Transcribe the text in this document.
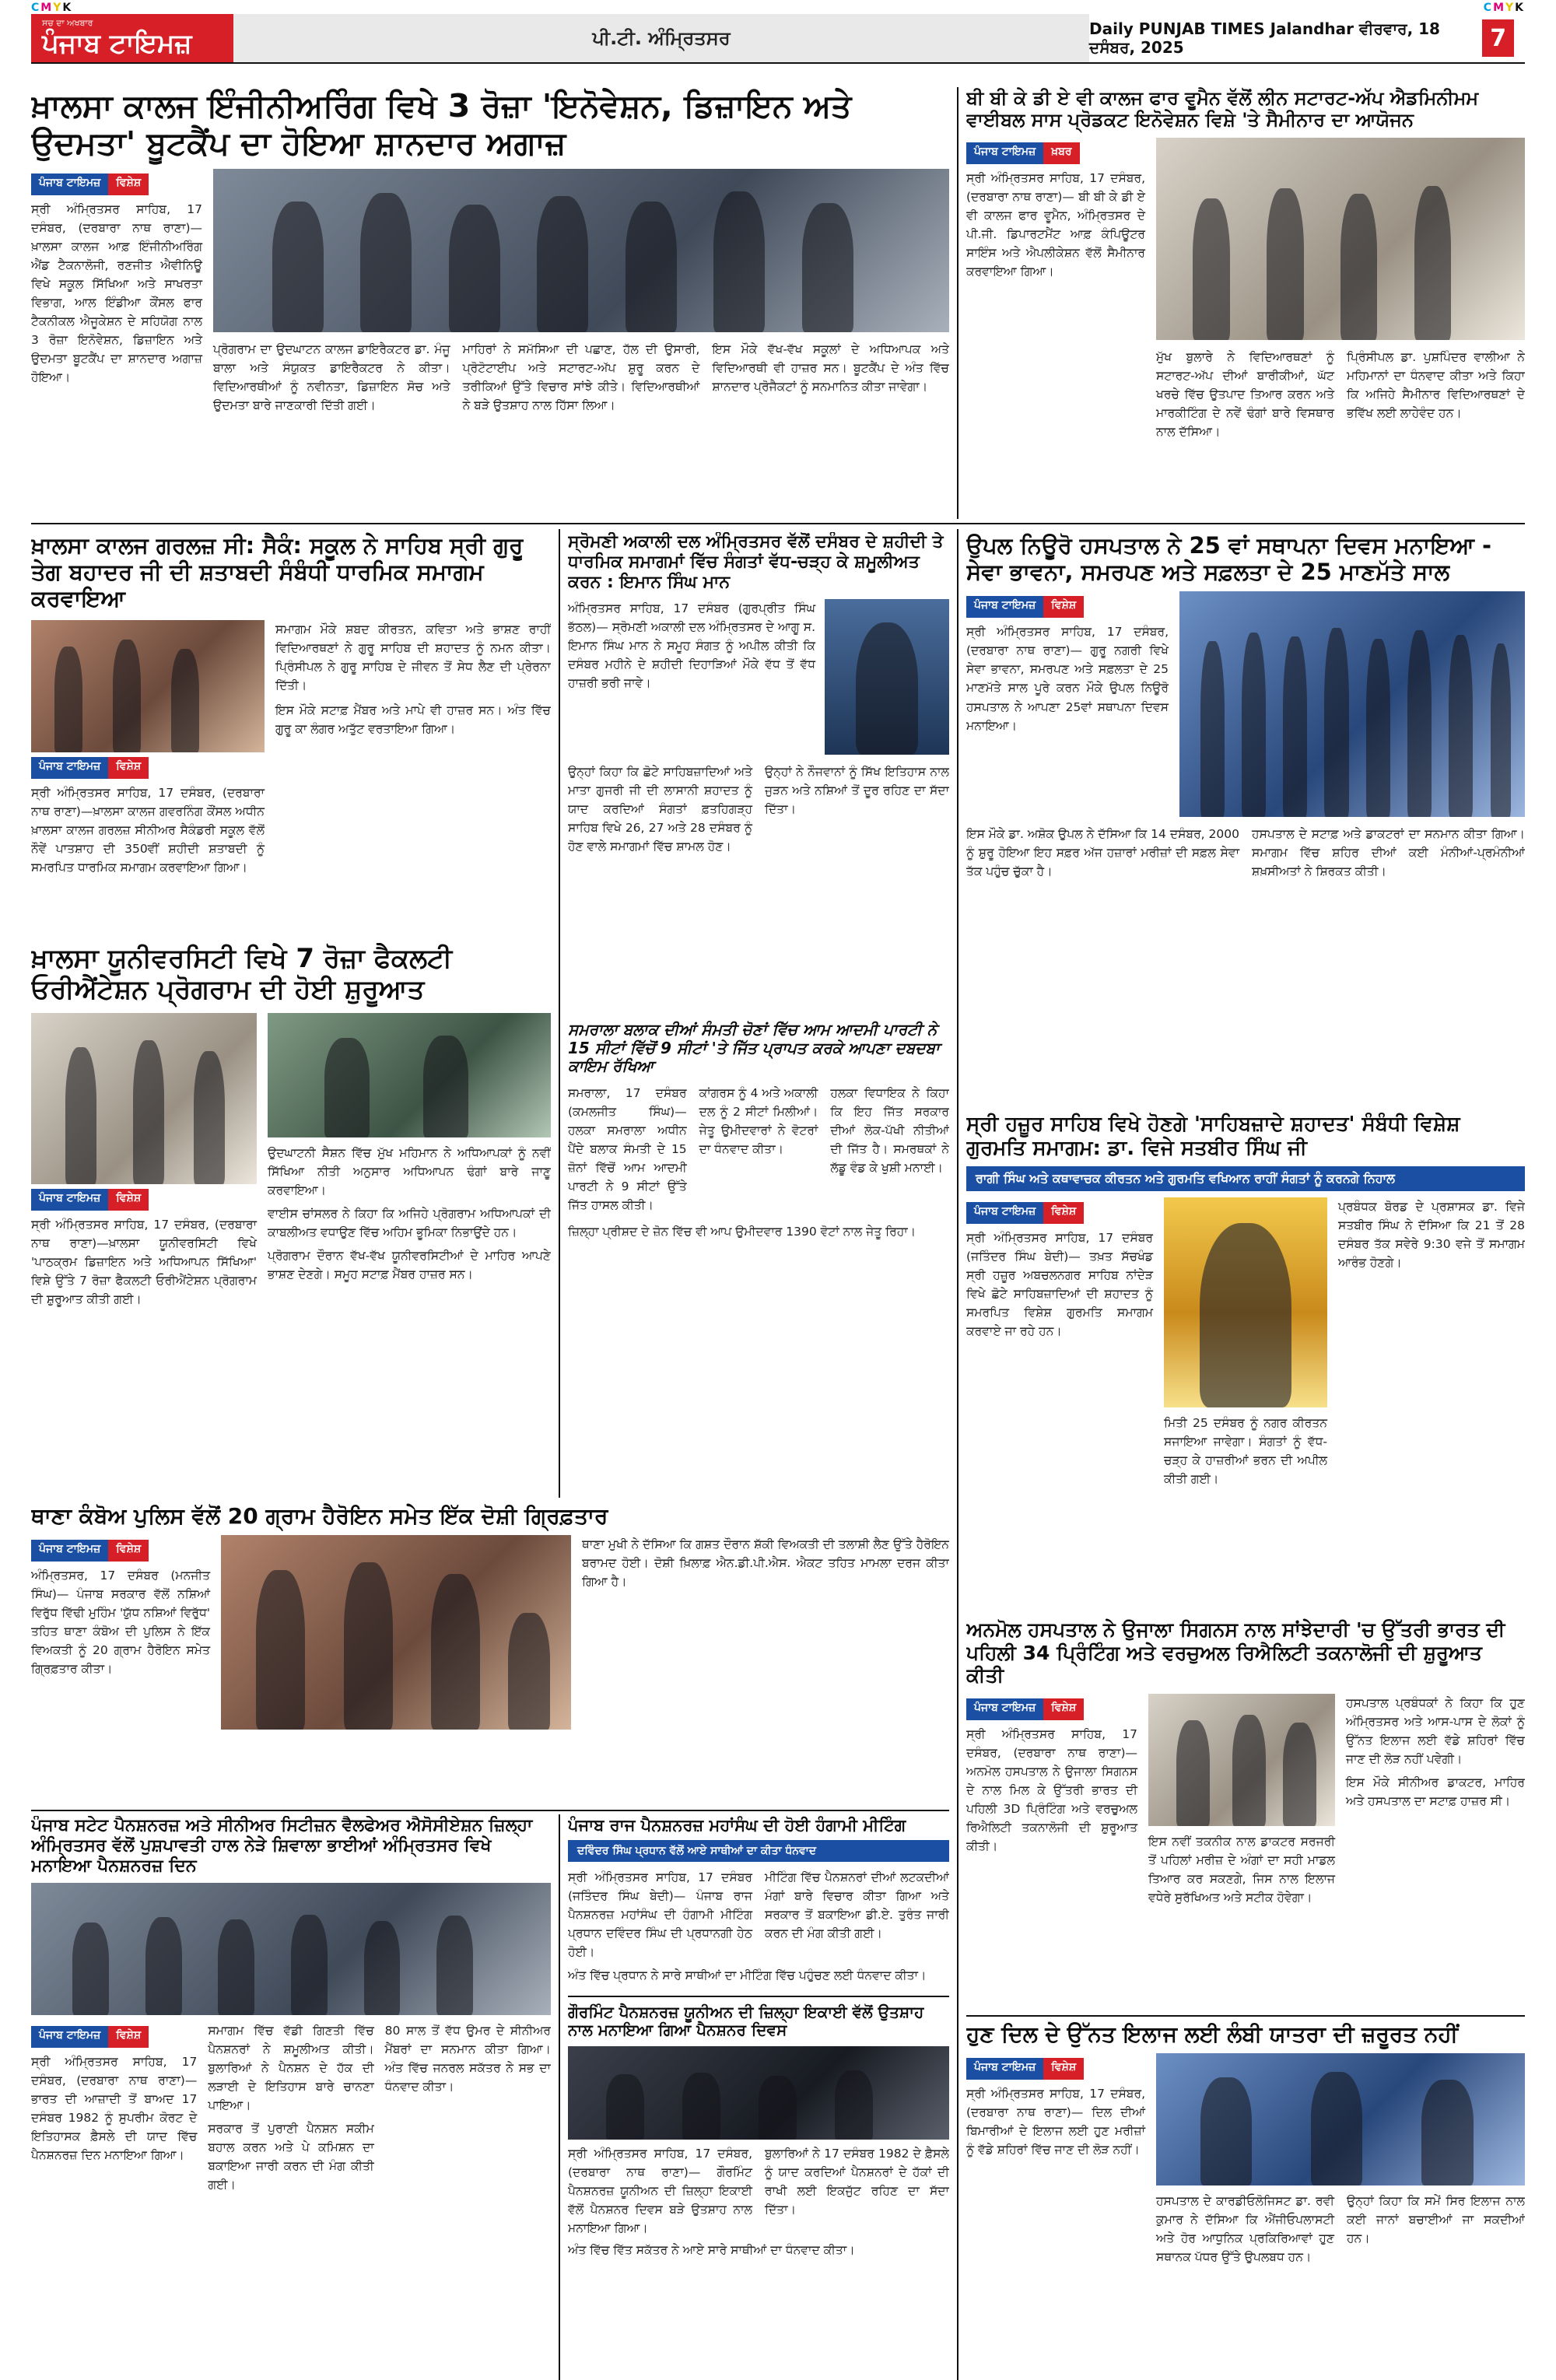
CMYK	CMYK
ਸਚ ਦਾ ਅਖਬਾਰ
ਪੰਜਾਬ ਟਾਇਮਜ਼	ਪੀ.ਟੀ. ਅੰਮ੍ਰਿਤਸਰ	Daily PUNJAB TIMES Jalandhar ਵੀਰਵਾਰ, 18 ਦਸੰਬਰ, 2025	7
ਖ਼ਾਲਸਾ ਕਾਲਜ ਇੰਜੀਨੀਅਰਿੰਗ ਵਿਖੇ 3 ਰੋਜ਼ਾ 'ਇਨੋਵੇਸ਼ਨ, ਡਿਜ਼ਾਇਨ ਅਤੇ ਉਦਮਤਾ' ਬੂਟਕੈਂਪ ਦਾ ਹੋਇਆ ਸ਼ਾਨਦਾਰ ਅਗਾਜ਼
ਪੰਜਾਬ ਟਾਇਮਜ਼	ਵਿਸ਼ੇਸ਼
ਸ੍ਰੀ ਅੰਮ੍ਰਿਤਸਰ ਸਾਹਿਬ, 17 ਦਸੰਬਰ, (ਦਰਬਾਰਾ ਨਾਥ ਰਾਣਾ)—ਖ਼ਾਲਸਾ ਕਾਲਜ ਆਫ਼ ਇੰਜੀਨੀਅਰਿੰਗ ਐਂਡ ਟੈਕਨਾਲੋਜੀ, ਰਣਜੀਤ ਐਵੀਨਿਊ ਵਿਖੇ ਸਕੂਲ ਸਿੱਖਿਆ ਅਤੇ ਸਾਖਰਤਾ ਵਿਭਾਗ, ਆਲ ਇੰਡੀਆ ਕੌਂਸਲ ਫਾਰ ਟੈਕਨੀਕਲ ਐਜੂਕੇਸ਼ਨ ਦੇ ਸਹਿਯੋਗ ਨਾਲ 3 ਰੋਜ਼ਾ ਇਨੋਵੇਸ਼ਨ, ਡਿਜ਼ਾਇਨ ਅਤੇ ਉਦਮਤਾ ਬੂਟਕੈਂਪ ਦਾ ਸ਼ਾਨਦਾਰ ਅਗਾਜ਼ ਹੋਇਆ।
ਪ੍ਰੋਗਰਾਮ ਦਾ ਉਦਘਾਟਨ ਕਾਲਜ ਡਾਇਰੈਕਟਰ ਡਾ. ਮੰਜੂ ਬਾਲਾ ਅਤੇ ਸੰਯੁਕਤ ਡਾਇਰੈਕਟਰ ਨੇ ਕੀਤਾ। ਵਿਦਿਆਰਥੀਆਂ ਨੂੰ ਨਵੀਨਤਾ, ਡਿਜ਼ਾਇਨ ਸੋਚ ਅਤੇ ਉਦਮਤਾ ਬਾਰੇ ਜਾਣਕਾਰੀ ਦਿੱਤੀ ਗਈ।
ਮਾਹਿਰਾਂ ਨੇ ਸਮੱਸਿਆ ਦੀ ਪਛਾਣ, ਹੱਲ ਦੀ ਉਸਾਰੀ, ਪ੍ਰੋਟੋਟਾਈਪ ਅਤੇ ਸਟਾਰਟ-ਅੱਪ ਸ਼ੁਰੂ ਕਰਨ ਦੇ ਤਰੀਕਿਆਂ ਉੱਤੇ ਵਿਚਾਰ ਸਾਂਝੇ ਕੀਤੇ। ਵਿਦਿਆਰਥੀਆਂ ਨੇ ਬੜੇ ਉਤਸ਼ਾਹ ਨਾਲ ਹਿੱਸਾ ਲਿਆ।
ਇਸ ਮੌਕੇ ਵੱਖ-ਵੱਖ ਸਕੂਲਾਂ ਦੇ ਅਧਿਆਪਕ ਅਤੇ ਵਿਦਿਆਰਥੀ ਵੀ ਹਾਜ਼ਰ ਸਨ। ਬੂਟਕੈਂਪ ਦੇ ਅੰਤ ਵਿੱਚ ਸ਼ਾਨਦਾਰ ਪ੍ਰੋਜੈਕਟਾਂ ਨੂੰ ਸਨਮਾਨਿਤ ਕੀਤਾ ਜਾਵੇਗਾ।
ਬੀ ਬੀ ਕੇ ਡੀ ਏ ਵੀ ਕਾਲਜ ਫਾਰ ਵੂਮੈਨ ਵੱਲੋਂ ਲੀਨ ਸਟਾਰਟ-ਅੱਪ ਐਡਮਿਨੀਮਮ ਵਾਈਬਲ ਸਾਸ ਪ੍ਰੋਡਕਟ ਇਨੋਵੇਸ਼ਨ ਵਿਸ਼ੇ 'ਤੇ ਸੈਮੀਨਾਰ ਦਾ ਆਯੋਜਨ
ਪੰਜਾਬ ਟਾਇਮਜ਼	ਖ਼ਬਰ
ਸ੍ਰੀ ਅੰਮ੍ਰਿਤਸਰ ਸਾਹਿਬ, 17 ਦਸੰਬਰ, (ਦਰਬਾਰਾ ਨਾਥ ਰਾਣਾ)— ਬੀ ਬੀ ਕੇ ਡੀ ਏ ਵੀ ਕਾਲਜ ਫਾਰ ਵੂਮੈਨ, ਅੰਮ੍ਰਿਤਸਰ ਦੇ ਪੀ.ਜੀ. ਡਿਪਾਰਟਮੈਂਟ ਆਫ਼ ਕੰਪਿਊਟਰ ਸਾਇੰਸ ਅਤੇ ਐਪਲੀਕੇਸ਼ਨ ਵੱਲੋਂ ਸੈਮੀਨਾਰ ਕਰਵਾਇਆ ਗਿਆ।
ਮੁੱਖ ਬੁਲਾਰੇ ਨੇ ਵਿਦਿਆਰਥਣਾਂ ਨੂੰ ਸਟਾਰਟ-ਅੱਪ ਦੀਆਂ ਬਾਰੀਕੀਆਂ, ਘੱਟ ਖਰਚੇ ਵਿੱਚ ਉਤਪਾਦ ਤਿਆਰ ਕਰਨ ਅਤੇ ਮਾਰਕੀਟਿੰਗ ਦੇ ਨਵੇਂ ਢੰਗਾਂ ਬਾਰੇ ਵਿਸਥਾਰ ਨਾਲ ਦੱਸਿਆ।
ਪ੍ਰਿੰਸੀਪਲ ਡਾ. ਪੁਸ਼ਪਿੰਦਰ ਵਾਲੀਆ ਨੇ ਮਹਿਮਾਨਾਂ ਦਾ ਧੰਨਵਾਦ ਕੀਤਾ ਅਤੇ ਕਿਹਾ ਕਿ ਅਜਿਹੇ ਸੈਮੀਨਾਰ ਵਿਦਿਆਰਥਣਾਂ ਦੇ ਭਵਿੱਖ ਲਈ ਲਾਹੇਵੰਦ ਹਨ।
ਖ਼ਾਲਸਾ ਕਾਲਜ ਗਰਲਜ਼ ਸੀ: ਸੈਕੰ: ਸਕੂਲ ਨੇ ਸਾਹਿਬ ਸ੍ਰੀ ਗੁਰੂ ਤੇਗ ਬਹਾਦਰ ਜੀ ਦੀ ਸ਼ਤਾਬਦੀ ਸੰਬੰਧੀ ਧਾਰਮਿਕ ਸਮਾਗਮ ਕਰਵਾਇਆ
ਪੰਜਾਬ ਟਾਇਮਜ਼	ਵਿਸ਼ੇਸ਼
ਸ੍ਰੀ ਅੰਮ੍ਰਿਤਸਰ ਸਾਹਿਬ, 17 ਦਸੰਬਰ, (ਦਰਬਾਰਾ ਨਾਥ ਰਾਣਾ)—ਖ਼ਾਲਸਾ ਕਾਲਜ ਗਵਰਨਿੰਗ ਕੌਂਸਲ ਅਧੀਨ ਖ਼ਾਲਸਾ ਕਾਲਜ ਗਰਲਜ਼ ਸੀਨੀਅਰ ਸੈਕੰਡਰੀ ਸਕੂਲ ਵੱਲੋਂ ਨੌਵੇਂ ਪਾਤਸ਼ਾਹ ਦੀ 350ਵੀਂ ਸ਼ਹੀਦੀ ਸ਼ਤਾਬਦੀ ਨੂੰ ਸਮਰਪਿਤ ਧਾਰਮਿਕ ਸਮਾਗਮ ਕਰਵਾਇਆ ਗਿਆ।
ਸਮਾਗਮ ਮੌਕੇ ਸ਼ਬਦ ਕੀਰਤਨ, ਕਵਿਤਾ ਅਤੇ ਭਾਸ਼ਣ ਰਾਹੀਂ ਵਿਦਿਆਰਥਣਾਂ ਨੇ ਗੁਰੂ ਸਾਹਿਬ ਦੀ ਸ਼ਹਾਦਤ ਨੂੰ ਨਮਨ ਕੀਤਾ। ਪ੍ਰਿੰਸੀਪਲ ਨੇ ਗੁਰੂ ਸਾਹਿਬ ਦੇ ਜੀਵਨ ਤੋਂ ਸੇਧ ਲੈਣ ਦੀ ਪ੍ਰੇਰਨਾ ਦਿੱਤੀ।
ਇਸ ਮੌਕੇ ਸਟਾਫ਼ ਮੈਂਬਰ ਅਤੇ ਮਾਪੇ ਵੀ ਹਾਜ਼ਰ ਸਨ। ਅੰਤ ਵਿੱਚ ਗੁਰੂ ਕਾ ਲੰਗਰ ਅਤੁੱਟ ਵਰਤਾਇਆ ਗਿਆ।
ਸ੍ਰੋਮਣੀ ਅਕਾਲੀ ਦਲ ਅੰਮ੍ਰਿਤਸਰ ਵੱਲੋਂ ਦਸੰਬਰ ਦੇ ਸ਼ਹੀਦੀ ਤੇ ਧਾਰਮਿਕ ਸਮਾਗਮਾਂ ਵਿੱਚ ਸੰਗਤਾਂ ਵੱਧ-ਚੜ੍ਹ ਕੇ ਸ਼ਮੂਲੀਅਤ ਕਰਨ : ਇਮਾਨ ਸਿੰਘ ਮਾਨ
ਅੰਮ੍ਰਿਤਸਰ ਸਾਹਿਬ, 17 ਦਸੰਬਰ (ਗੁਰਪ੍ਰੀਤ ਸਿੰਘ ਭੱਠਲ)— ਸ੍ਰੋਮਣੀ ਅਕਾਲੀ ਦਲ ਅੰਮ੍ਰਿਤਸਰ ਦੇ ਆਗੂ ਸ. ਇਮਾਨ ਸਿੰਘ ਮਾਨ ਨੇ ਸਮੂਹ ਸੰਗਤ ਨੂੰ ਅਪੀਲ ਕੀਤੀ ਕਿ ਦਸੰਬਰ ਮਹੀਨੇ ਦੇ ਸ਼ਹੀਦੀ ਦਿਹਾੜਿਆਂ ਮੌਕੇ ਵੱਧ ਤੋਂ ਵੱਧ ਹਾਜ਼ਰੀ ਭਰੀ ਜਾਵੇ।
ਉਨ੍ਹਾਂ ਕਿਹਾ ਕਿ ਛੋਟੇ ਸਾਹਿਬਜ਼ਾਦਿਆਂ ਅਤੇ ਮਾਤਾ ਗੁਜਰੀ ਜੀ ਦੀ ਲਾਸਾਨੀ ਸ਼ਹਾਦਤ ਨੂੰ ਯਾਦ ਕਰਦਿਆਂ ਸੰਗਤਾਂ ਫ਼ਤਹਿਗੜ੍ਹ ਸਾਹਿਬ ਵਿਖੇ 26, 27 ਅਤੇ 28 ਦਸੰਬਰ ਨੂੰ ਹੋਣ ਵਾਲੇ ਸਮਾਗਮਾਂ ਵਿੱਚ ਸ਼ਾਮਲ ਹੋਣ।
ਉਨ੍ਹਾਂ ਨੇ ਨੌਜਵਾਨਾਂ ਨੂੰ ਸਿੱਖ ਇਤਿਹਾਸ ਨਾਲ ਜੁੜਨ ਅਤੇ ਨਸ਼ਿਆਂ ਤੋਂ ਦੂਰ ਰਹਿਣ ਦਾ ਸੱਦਾ ਦਿੱਤਾ।
ਉਪਲ ਨਿਊਰੋ ਹਸਪਤਾਲ ਨੇ 25 ਵਾਂ ਸਥਾਪਨਾ ਦਿਵਸ ਮਨਾਇਆ - ਸੇਵਾ ਭਾਵਨਾ, ਸਮਰਪਣ ਅਤੇ ਸਫ਼ਲਤਾ ਦੇ 25 ਮਾਣਮੱਤੇ ਸਾਲ
ਪੰਜਾਬ ਟਾਇਮਜ਼	ਵਿਸ਼ੇਸ਼
ਸ੍ਰੀ ਅੰਮ੍ਰਿਤਸਰ ਸਾਹਿਬ, 17 ਦਸੰਬਰ, (ਦਰਬਾਰਾ ਨਾਥ ਰਾਣਾ)— ਗੁਰੂ ਨਗਰੀ ਵਿਖੇ ਸੇਵਾ ਭਾਵਨਾ, ਸਮਰਪਣ ਅਤੇ ਸਫ਼ਲਤਾ ਦੇ 25 ਮਾਣਮੱਤੇ ਸਾਲ ਪੂਰੇ ਕਰਨ ਮੌਕੇ ਉਪਲ ਨਿਊਰੋ ਹਸਪਤਾਲ ਨੇ ਆਪਣਾ 25ਵਾਂ ਸਥਾਪਨਾ ਦਿਵਸ ਮਨਾਇਆ।
ਇਸ ਮੌਕੇ ਡਾ. ਅਸ਼ੋਕ ਉਪਲ ਨੇ ਦੱਸਿਆ ਕਿ 14 ਦਸੰਬਰ, 2000 ਨੂੰ ਸ਼ੁਰੂ ਹੋਇਆ ਇਹ ਸਫ਼ਰ ਅੱਜ ਹਜ਼ਾਰਾਂ ਮਰੀਜ਼ਾਂ ਦੀ ਸਫ਼ਲ ਸੇਵਾ ਤੱਕ ਪਹੁੰਚ ਚੁੱਕਾ ਹੈ।
ਹਸਪਤਾਲ ਦੇ ਸਟਾਫ਼ ਅਤੇ ਡਾਕਟਰਾਂ ਦਾ ਸਨਮਾਨ ਕੀਤਾ ਗਿਆ। ਸਮਾਗਮ ਵਿੱਚ ਸ਼ਹਿਰ ਦੀਆਂ ਕਈ ਮੰਨੀਆਂ-ਪ੍ਰਮੰਨੀਆਂ ਸ਼ਖ਼ਸੀਅਤਾਂ ਨੇ ਸ਼ਿਰਕਤ ਕੀਤੀ।
ਖ਼ਾਲਸਾ ਯੂਨੀਵਰਸਿਟੀ ਵਿਖੇ 7 ਰੋਜ਼ਾ ਫੈਕਲਟੀ ਓਰੀਐਂਟੇਸ਼ਨ ਪ੍ਰੋਗਰਾਮ ਦੀ ਹੋਈ ਸ਼ੁਰੂਆਤ
ਪੰਜਾਬ ਟਾਇਮਜ਼	ਵਿਸ਼ੇਸ਼
ਸ੍ਰੀ ਅੰਮ੍ਰਿਤਸਰ ਸਾਹਿਬ, 17 ਦਸੰਬਰ, (ਦਰਬਾਰਾ ਨਾਥ ਰਾਣਾ)—ਖ਼ਾਲਸਾ ਯੂਨੀਵਰਸਿਟੀ ਵਿਖੇ 'ਪਾਠਕ੍ਰਮ ਡਿਜ਼ਾਇਨ ਅਤੇ ਅਧਿਆਪਨ ਸਿੱਖਿਆ' ਵਿਸ਼ੇ ਉੱਤੇ 7 ਰੋਜ਼ਾ ਫੈਕਲਟੀ ਓਰੀਐਂਟੇਸ਼ਨ ਪ੍ਰੋਗਰਾਮ ਦੀ ਸ਼ੁਰੂਆਤ ਕੀਤੀ ਗਈ।
ਉਦਘਾਟਨੀ ਸੈਸ਼ਨ ਵਿੱਚ ਮੁੱਖ ਮਹਿਮਾਨ ਨੇ ਅਧਿਆਪਕਾਂ ਨੂੰ ਨਵੀਂ ਸਿੱਖਿਆ ਨੀਤੀ ਅਨੁਸਾਰ ਅਧਿਆਪਨ ਢੰਗਾਂ ਬਾਰੇ ਜਾਣੂ ਕਰਵਾਇਆ।
ਵਾਈਸ ਚਾਂਸਲਰ ਨੇ ਕਿਹਾ ਕਿ ਅਜਿਹੇ ਪ੍ਰੋਗਰਾਮ ਅਧਿਆਪਕਾਂ ਦੀ ਕਾਬਲੀਅਤ ਵਧਾਉਣ ਵਿੱਚ ਅਹਿਮ ਭੂਮਿਕਾ ਨਿਭਾਉਂਦੇ ਹਨ।
ਪ੍ਰੋਗਰਾਮ ਦੌਰਾਨ ਵੱਖ-ਵੱਖ ਯੂਨੀਵਰਸਿਟੀਆਂ ਦੇ ਮਾਹਿਰ ਆਪਣੇ ਭਾਸ਼ਣ ਦੇਣਗੇ। ਸਮੂਹ ਸਟਾਫ਼ ਮੈਂਬਰ ਹਾਜ਼ਰ ਸਨ।
ਸਮਰਾਲਾ ਬਲਾਕ ਦੀਆਂ ਸੰਮਤੀ ਚੋਣਾਂ ਵਿੱਚ ਆਮ ਆਦਮੀ ਪਾਰਟੀ ਨੇ 15 ਸੀਟਾਂ ਵਿੱਚੋਂ 9 ਸੀਟਾਂ 'ਤੇ ਜਿੱਤ ਪ੍ਰਾਪਤ ਕਰਕੇ ਆਪਣਾ ਦਬਦਬਾ ਕਾਇਮ ਰੱਖਿਆ
ਸਮਰਾਲਾ, 17 ਦਸੰਬਰ (ਕਮਲਜੀਤ ਸਿੰਘ)— ਹਲਕਾ ਸਮਰਾਲਾ ਅਧੀਨ ਪੈਂਦੇ ਬਲਾਕ ਸੰਮਤੀ ਦੇ 15 ਜ਼ੋਨਾਂ ਵਿੱਚੋਂ ਆਮ ਆਦਮੀ ਪਾਰਟੀ ਨੇ 9 ਸੀਟਾਂ ਉੱਤੇ ਜਿੱਤ ਹਾਸਲ ਕੀਤੀ।
ਕਾਂਗਰਸ ਨੂੰ 4 ਅਤੇ ਅਕਾਲੀ ਦਲ ਨੂੰ 2 ਸੀਟਾਂ ਮਿਲੀਆਂ। ਜੇਤੂ ਉਮੀਦਵਾਰਾਂ ਨੇ ਵੋਟਰਾਂ ਦਾ ਧੰਨਵਾਦ ਕੀਤਾ।
ਹਲਕਾ ਵਿਧਾਇਕ ਨੇ ਕਿਹਾ ਕਿ ਇਹ ਜਿੱਤ ਸਰਕਾਰ ਦੀਆਂ ਲੋਕ-ਪੱਖੀ ਨੀਤੀਆਂ ਦੀ ਜਿੱਤ ਹੈ। ਸਮਰਥਕਾਂ ਨੇ ਲੱਡੂ ਵੰਡ ਕੇ ਖੁਸ਼ੀ ਮਨਾਈ।
ਜ਼ਿਲ੍ਹਾ ਪ੍ਰੀਸ਼ਦ ਦੇ ਜ਼ੋਨ ਵਿੱਚ ਵੀ ਆਪ ਉਮੀਦਵਾਰ 1390 ਵੋਟਾਂ ਨਾਲ ਜੇਤੂ ਰਿਹਾ।
ਸ੍ਰੀ ਹਜ਼ੂਰ ਸਾਹਿਬ ਵਿਖੇ ਹੋਣਗੇ 'ਸਾਹਿਬਜ਼ਾਦੇ ਸ਼ਹਾਦਤ' ਸੰਬੰਧੀ ਵਿਸ਼ੇਸ਼ ਗੁਰਮਤਿ ਸਮਾਗਮ: ਡਾ. ਵਿਜੇ ਸਤਬੀਰ ਸਿੰਘ ਜੀ
ਰਾਗੀ ਸਿੰਘ ਅਤੇ ਕਥਾਵਾਚਕ ਕੀਰਤਨ ਅਤੇ ਗੁਰਮਤਿ ਵਖਿਆਨ ਰਾਹੀਂ ਸੰਗਤਾਂ ਨੂੰ ਕਰਨਗੇ ਨਿਹਾਲ
ਪੰਜਾਬ ਟਾਇਮਜ਼	ਵਿਸ਼ੇਸ਼
ਸ੍ਰੀ ਅੰਮ੍ਰਿਤਸਰ ਸਾਹਿਬ, 17 ਦਸੰਬਰ (ਜਤਿੰਦਰ ਸਿੰਘ ਬੇਦੀ)— ਤਖ਼ਤ ਸੱਚਖੰਡ ਸ੍ਰੀ ਹਜ਼ੂਰ ਅਬਚਲਨਗਰ ਸਾਹਿਬ ਨਾਂਦੇੜ ਵਿਖੇ ਛੋਟੇ ਸਾਹਿਬਜ਼ਾਦਿਆਂ ਦੀ ਸ਼ਹਾਦਤ ਨੂੰ ਸਮਰਪਿਤ ਵਿਸ਼ੇਸ਼ ਗੁਰਮਤਿ ਸਮਾਗਮ ਕਰਵਾਏ ਜਾ ਰਹੇ ਹਨ।
ਮਿਤੀ 25 ਦਸੰਬਰ ਨੂੰ ਨਗਰ ਕੀਰਤਨ ਸਜਾਇਆ ਜਾਵੇਗਾ। ਸੰਗਤਾਂ ਨੂੰ ਵੱਧ-ਚੜ੍ਹ ਕੇ ਹਾਜ਼ਰੀਆਂ ਭਰਨ ਦੀ ਅਪੀਲ ਕੀਤੀ ਗਈ।
ਪ੍ਰਬੰਧਕ ਬੋਰਡ ਦੇ ਪ੍ਰਸ਼ਾਸਕ ਡਾ. ਵਿਜੇ ਸਤਬੀਰ ਸਿੰਘ ਨੇ ਦੱਸਿਆ ਕਿ 21 ਤੋਂ 28 ਦਸੰਬਰ ਤੱਕ ਸਵੇਰੇ 9:30 ਵਜੇ ਤੋਂ ਸਮਾਗਮ ਆਰੰਭ ਹੋਣਗੇ।
ਥਾਣਾ ਕੰਬੋਅ ਪੁਲਿਸ ਵੱਲੋਂ 20 ਗ੍ਰਾਮ ਹੈਰੋਇਨ ਸਮੇਤ ਇੱਕ ਦੋਸ਼ੀ ਗ੍ਰਿਫ਼ਤਾਰ
ਪੰਜਾਬ ਟਾਇਮਜ਼	ਵਿਸ਼ੇਸ਼
ਅੰਮ੍ਰਿਤਸਰ, 17 ਦਸੰਬਰ (ਮਨਜੀਤ ਸਿੰਘ)— ਪੰਜਾਬ ਸਰਕਾਰ ਵੱਲੋਂ ਨਸ਼ਿਆਂ ਵਿਰੁੱਧ ਵਿੱਢੀ ਮੁਹਿੰਮ 'ਯੁੱਧ ਨਸ਼ਿਆਂ ਵਿਰੁੱਧ' ਤਹਿਤ ਥਾਣਾ ਕੰਬੋਅ ਦੀ ਪੁਲਿਸ ਨੇ ਇੱਕ ਵਿਅਕਤੀ ਨੂੰ 20 ਗ੍ਰਾਮ ਹੈਰੋਇਨ ਸਮੇਤ ਗ੍ਰਿਫ਼ਤਾਰ ਕੀਤਾ।
ਥਾਣਾ ਮੁਖੀ ਨੇ ਦੱਸਿਆ ਕਿ ਗਸ਼ਤ ਦੌਰਾਨ ਸ਼ੱਕੀ ਵਿਅਕਤੀ ਦੀ ਤਲਾਸ਼ੀ ਲੈਣ ਉੱਤੇ ਹੈਰੋਇਨ ਬਰਾਮਦ ਹੋਈ। ਦੋਸ਼ੀ ਖ਼ਿਲਾਫ਼ ਐਨ.ਡੀ.ਪੀ.ਐਸ. ਐਕਟ ਤਹਿਤ ਮਾਮਲਾ ਦਰਜ ਕੀਤਾ ਗਿਆ ਹੈ।
ਅਨਮੋਲ ਹਸਪਤਾਲ ਨੇ ਉਜਾਲਾ ਸਿਗਨਸ ਨਾਲ ਸਾਂਝੇਦਾਰੀ 'ਚ ਉੱਤਰੀ ਭਾਰਤ ਦੀ ਪਹਿਲੀ 34 ਪ੍ਰਿੰਟਿੰਗ ਅਤੇ ਵਰਚੁਅਲ ਰਿਐਲਿਟੀ ਤਕਨਾਲੋਜੀ ਦੀ ਸ਼ੁਰੂਆਤ ਕੀਤੀ
ਪੰਜਾਬ ਟਾਇਮਜ਼	ਵਿਸ਼ੇਸ਼
ਸ੍ਰੀ ਅੰਮ੍ਰਿਤਸਰ ਸਾਹਿਬ, 17 ਦਸੰਬਰ, (ਦਰਬਾਰਾ ਨਾਥ ਰਾਣਾ)—ਅਨਮੋਲ ਹਸਪਤਾਲ ਨੇ ਉਜਾਲਾ ਸਿਗਨਸ ਦੇ ਨਾਲ ਮਿਲ ਕੇ ਉੱਤਰੀ ਭਾਰਤ ਦੀ ਪਹਿਲੀ 3D ਪ੍ਰਿੰਟਿੰਗ ਅਤੇ ਵਰਚੁਅਲ ਰਿਐਲਿਟੀ ਤਕਨਾਲੋਜੀ ਦੀ ਸ਼ੁਰੂਆਤ ਕੀਤੀ।	ਇਸ ਨਵੀਂ ਤਕਨੀਕ ਨਾਲ ਡਾਕਟਰ ਸਰਜਰੀ ਤੋਂ ਪਹਿਲਾਂ ਮਰੀਜ਼ ਦੇ ਅੰਗਾਂ ਦਾ ਸਹੀ ਮਾਡਲ ਤਿਆਰ ਕਰ ਸਕਣਗੇ, ਜਿਸ ਨਾਲ ਇਲਾਜ ਵਧੇਰੇ ਸੁਰੱਖਿਅਤ ਅਤੇ ਸਟੀਕ ਹੋਵੇਗਾ।
ਹਸਪਤਾਲ ਪ੍ਰਬੰਧਕਾਂ ਨੇ ਕਿਹਾ ਕਿ ਹੁਣ ਅੰਮ੍ਰਿਤਸਰ ਅਤੇ ਆਸ-ਪਾਸ ਦੇ ਲੋਕਾਂ ਨੂੰ ਉੱਨਤ ਇਲਾਜ ਲਈ ਵੱਡੇ ਸ਼ਹਿਰਾਂ ਵਿੱਚ ਜਾਣ ਦੀ ਲੋੜ ਨਹੀਂ ਪਵੇਗੀ।
ਇਸ ਮੌਕੇ ਸੀਨੀਅਰ ਡਾਕਟਰ, ਮਾਹਿਰ ਅਤੇ ਹਸਪਤਾਲ ਦਾ ਸਟਾਫ਼ ਹਾਜ਼ਰ ਸੀ।
ਪੰਜਾਬ ਸਟੇਟ ਪੈਨਸ਼ਨਰਜ਼ ਅਤੇ ਸੀਨੀਅਰ ਸਿਟੀਜ਼ਨ ਵੈਲਫੇਅਰ ਐਸੋਸੀਏਸ਼ਨ ਜ਼ਿਲ੍ਹਾ ਅੰਮ੍ਰਿਤਸਰ ਵੱਲੋਂ ਪੁਸ਼ਪਾਵਤੀ ਹਾਲ ਨੇੜੇ ਸ਼ਿਵਾਲਾ ਭਾਈਆਂ ਅੰਮ੍ਰਿਤਸਰ ਵਿਖੇ ਮਨਾਇਆ ਪੈਨਸ਼ਨਰਜ਼ ਦਿਨ
ਪੰਜਾਬ ਟਾਇਮਜ਼	ਵਿਸ਼ੇਸ਼
ਸ੍ਰੀ ਅੰਮ੍ਰਿਤਸਰ ਸਾਹਿਬ, 17 ਦਸੰਬਰ, (ਦਰਬਾਰਾ ਨਾਥ ਰਾਣਾ)—ਭਾਰਤ ਦੀ ਆਜ਼ਾਦੀ ਤੋਂ ਬਾਅਦ 17 ਦਸੰਬਰ 1982 ਨੂੰ ਸੁਪਰੀਮ ਕੋਰਟ ਦੇ ਇਤਿਹਾਸਕ ਫ਼ੈਸਲੇ ਦੀ ਯਾਦ ਵਿੱਚ ਪੈਨਸ਼ਨਰਜ਼ ਦਿਨ ਮਨਾਇਆ ਗਿਆ।
ਸਮਾਗਮ ਵਿੱਚ ਵੱਡੀ ਗਿਣਤੀ ਵਿੱਚ ਪੈਨਸ਼ਨਰਾਂ ਨੇ ਸ਼ਮੂਲੀਅਤ ਕੀਤੀ। ਬੁਲਾਰਿਆਂ ਨੇ ਪੈਨਸ਼ਨ ਦੇ ਹੱਕ ਦੀ ਲੜਾਈ ਦੇ ਇਤਿਹਾਸ ਬਾਰੇ ਚਾਨਣਾ ਪਾਇਆ।
ਸਰਕਾਰ ਤੋਂ ਪੁਰਾਣੀ ਪੈਨਸ਼ਨ ਸਕੀਮ ਬਹਾਲ ਕਰਨ ਅਤੇ ਪੇ ਕਮਿਸ਼ਨ ਦਾ ਬਕਾਇਆ ਜਾਰੀ ਕਰਨ ਦੀ ਮੰਗ ਕੀਤੀ ਗਈ।
80 ਸਾਲ ਤੋਂ ਵੱਧ ਉਮਰ ਦੇ ਸੀਨੀਅਰ ਮੈਂਬਰਾਂ ਦਾ ਸਨਮਾਨ ਕੀਤਾ ਗਿਆ। ਅੰਤ ਵਿੱਚ ਜਨਰਲ ਸਕੱਤਰ ਨੇ ਸਭ ਦਾ ਧੰਨਵਾਦ ਕੀਤਾ।
ਪੰਜਾਬ ਰਾਜ ਪੈਨਸ਼ਨਰਜ਼ ਮਹਾਂਸੰਘ ਦੀ ਹੋਈ ਹੰਗਾਮੀ ਮੀਟਿੰਗ
ਦਵਿੰਦਰ ਸਿੰਘ ਪ੍ਰਧਾਨ ਵੱਲੋਂ ਆਏ ਸਾਥੀਆਂ ਦਾ ਕੀਤਾ ਧੰਨਵਾਦ
ਸ੍ਰੀ ਅੰਮ੍ਰਿਤਸਰ ਸਾਹਿਬ, 17 ਦਸੰਬਰ (ਜਤਿੰਦਰ ਸਿੰਘ ਬੇਦੀ)— ਪੰਜਾਬ ਰਾਜ ਪੈਨਸ਼ਨਰਜ਼ ਮਹਾਂਸੰਘ ਦੀ ਹੰਗਾਮੀ ਮੀਟਿੰਗ ਪ੍ਰਧਾਨ ਦਵਿੰਦਰ ਸਿੰਘ ਦੀ ਪ੍ਰਧਾਨਗੀ ਹੇਠ ਹੋਈ।
ਮੀਟਿੰਗ ਵਿੱਚ ਪੈਨਸ਼ਨਰਾਂ ਦੀਆਂ ਲਟਕਦੀਆਂ ਮੰਗਾਂ ਬਾਰੇ ਵਿਚਾਰ ਕੀਤਾ ਗਿਆ ਅਤੇ ਸਰਕਾਰ ਤੋਂ ਬਕਾਇਆ ਡੀ.ਏ. ਤੁਰੰਤ ਜਾਰੀ ਕਰਨ ਦੀ ਮੰਗ ਕੀਤੀ ਗਈ।
ਅੰਤ ਵਿੱਚ ਪ੍ਰਧਾਨ ਨੇ ਸਾਰੇ ਸਾਥੀਆਂ ਦਾ ਮੀਟਿੰਗ ਵਿੱਚ ਪਹੁੰਚਣ ਲਈ ਧੰਨਵਾਦ ਕੀਤਾ।
ਗੌਰਮਿੰਟ ਪੈਨਸ਼ਨਰਜ਼ ਯੂਨੀਅਨ ਦੀ ਜ਼ਿਲ੍ਹਾ ਇਕਾਈ ਵੱਲੋਂ ਉਤਸ਼ਾਹ ਨਾਲ ਮਨਾਇਆ ਗਿਆ ਪੈਨਸ਼ਨਰ ਦਿਵਸ
ਸ੍ਰੀ ਅੰਮ੍ਰਿਤਸਰ ਸਾਹਿਬ, 17 ਦਸੰਬਰ, (ਦਰਬਾਰਾ ਨਾਥ ਰਾਣਾ)— ਗੌਰਮਿੰਟ ਪੈਨਸ਼ਨਰਜ਼ ਯੂਨੀਅਨ ਦੀ ਜ਼ਿਲ੍ਹਾ ਇਕਾਈ ਵੱਲੋਂ ਪੈਨਸ਼ਨਰ ਦਿਵਸ ਬੜੇ ਉਤਸ਼ਾਹ ਨਾਲ ਮਨਾਇਆ ਗਿਆ।
ਬੁਲਾਰਿਆਂ ਨੇ 17 ਦਸੰਬਰ 1982 ਦੇ ਫ਼ੈਸਲੇ ਨੂੰ ਯਾਦ ਕਰਦਿਆਂ ਪੈਨਸ਼ਨਰਾਂ ਦੇ ਹੱਕਾਂ ਦੀ ਰਾਖੀ ਲਈ ਇਕਜੁੱਟ ਰਹਿਣ ਦਾ ਸੱਦਾ ਦਿੱਤਾ।
ਅੰਤ ਵਿੱਚ ਵਿੱਤ ਸਕੱਤਰ ਨੇ ਆਏ ਸਾਰੇ ਸਾਥੀਆਂ ਦਾ ਧੰਨਵਾਦ ਕੀਤਾ।
ਹੁਣ ਦਿਲ ਦੇ ਉੱਨਤ ਇਲਾਜ ਲਈ ਲੰਬੀ ਯਾਤਰਾ ਦੀ ਜ਼ਰੂਰਤ ਨਹੀਂ
ਪੰਜਾਬ ਟਾਇਮਜ਼	ਵਿਸ਼ੇਸ਼
ਸ੍ਰੀ ਅੰਮ੍ਰਿਤਸਰ ਸਾਹਿਬ, 17 ਦਸੰਬਰ, (ਦਰਬਾਰਾ ਨਾਥ ਰਾਣਾ)— ਦਿਲ ਦੀਆਂ ਬਿਮਾਰੀਆਂ ਦੇ ਇਲਾਜ ਲਈ ਹੁਣ ਮਰੀਜ਼ਾਂ ਨੂੰ ਵੱਡੇ ਸ਼ਹਿਰਾਂ ਵਿੱਚ ਜਾਣ ਦੀ ਲੋੜ ਨਹੀਂ।
ਹਸਪਤਾਲ ਦੇ ਕਾਰਡੀਓਲੋਜਿਸਟ ਡਾ. ਰਵੀ ਕੁਮਾਰ ਨੇ ਦੱਸਿਆ ਕਿ ਐਂਜੀਓਪਲਾਸਟੀ ਅਤੇ ਹੋਰ ਆਧੁਨਿਕ ਪ੍ਰਕਿਰਿਆਵਾਂ ਹੁਣ ਸਥਾਨਕ ਪੱਧਰ ਉੱਤੇ ਉਪਲਬਧ ਹਨ।
ਉਨ੍ਹਾਂ ਕਿਹਾ ਕਿ ਸਮੇਂ ਸਿਰ ਇਲਾਜ ਨਾਲ ਕਈ ਜਾਨਾਂ ਬਚਾਈਆਂ ਜਾ ਸਕਦੀਆਂ ਹਨ।
